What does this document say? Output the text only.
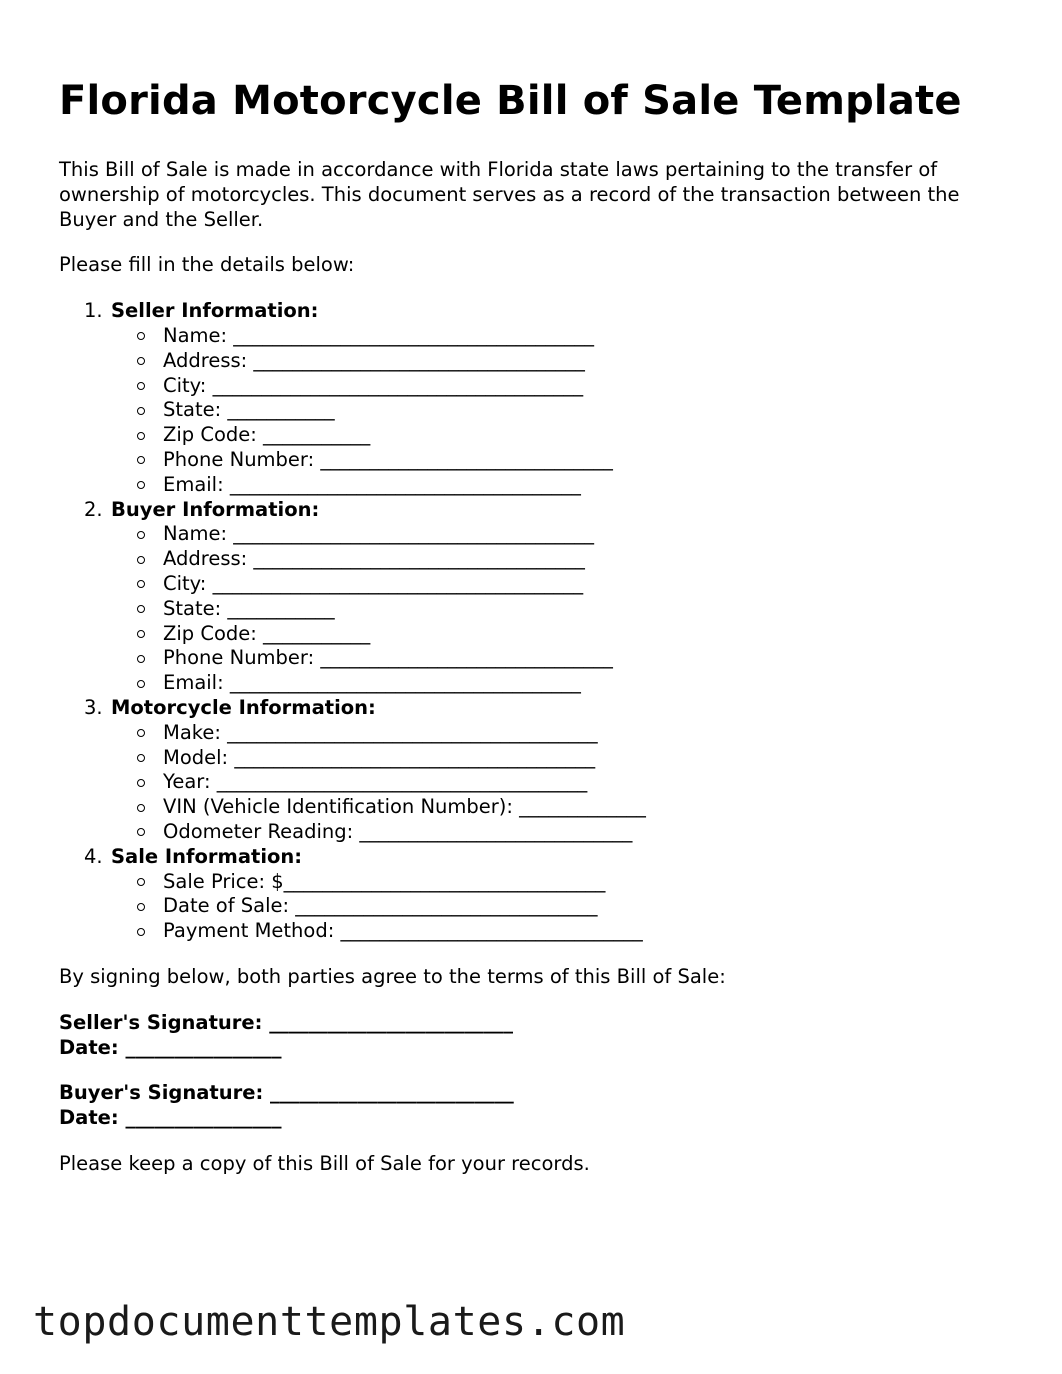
Florida Motorcycle Bill of Sale Template

This Bill of Sale is made in accordance with Florida state laws pertaining to the transfer of ownership of motorcycles. This document serves as a record of the transaction between the Buyer and the Seller.

Please fill in the details below:

1. Seller Information:
Name: _____________________________________
Address: __________________________________
City: ______________________________________
State: ___________
Zip Code: ___________
Phone Number: ______________________________
Email: ____________________________________
2. Buyer Information:
Name: _____________________________________
Address: __________________________________
City: ______________________________________
State: ___________
Zip Code: ___________
Phone Number: ______________________________
Email: ____________________________________
3. Motorcycle Information:
Make: ______________________________________
Model: _____________________________________
Year: ______________________________________
VIN (Vehicle Identification Number): _____________
Odometer Reading: ____________________________
4. Sale Information:
Sale Price: $_________________________________
Date of Sale: _______________________________
Payment Method: _______________________________

By signing below, both parties agree to the terms of this Bill of Sale:

Seller's Signature: _________________________

Date: ________________

Buyer's Signature: _________________________

Date: ________________

Please keep a copy of this Bill of Sale for your records.

topdocumenttemplates.com
